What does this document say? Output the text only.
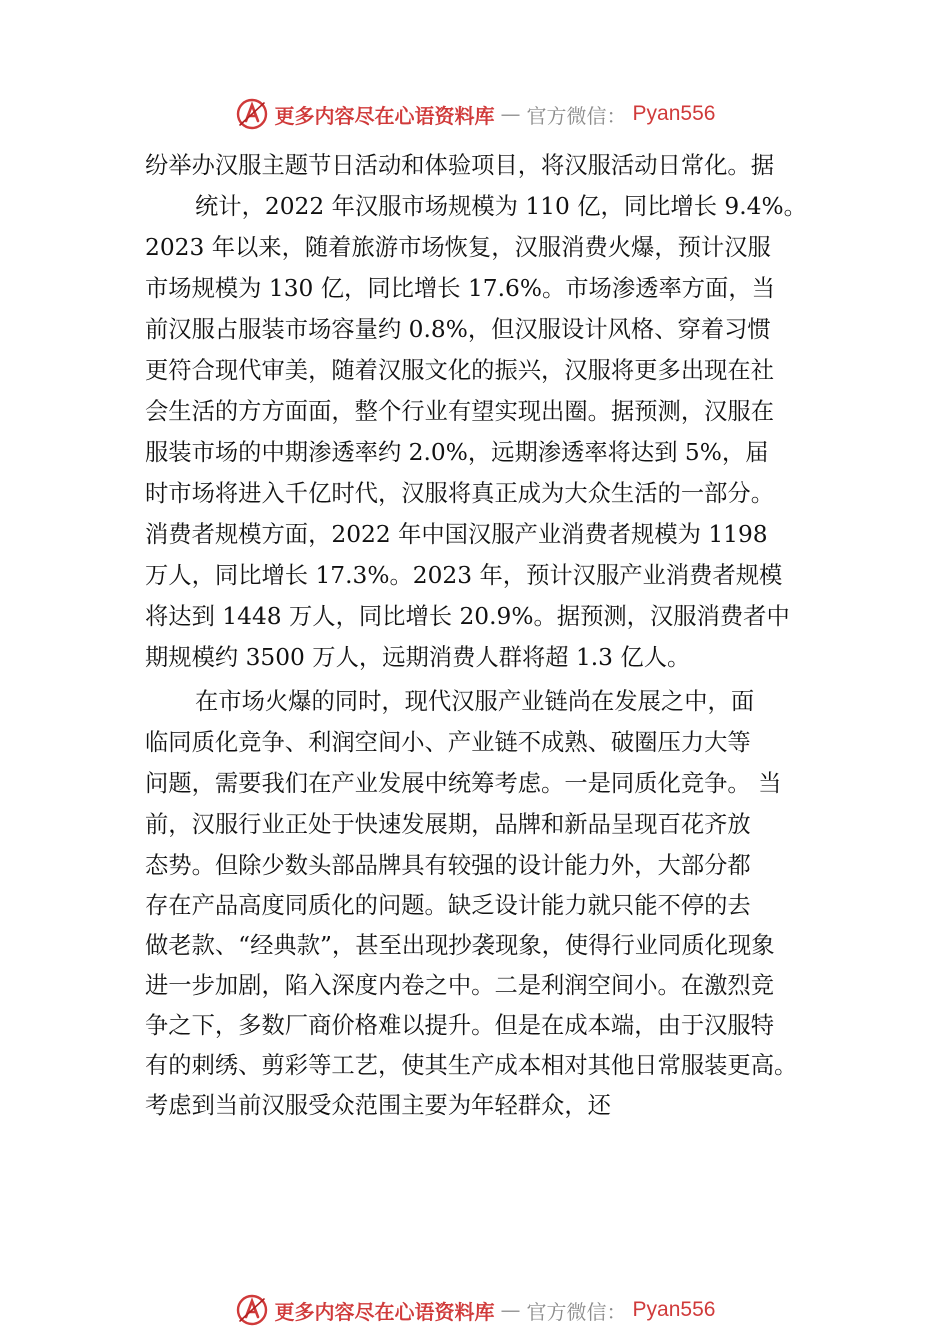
更多内容尽在心语资料库 — 官方微信： Pyan556
纷举办汉服主题节日活动和体验项目，将汉服活动日常化。据
统计，2022 年汉服市场规模为 110 亿，同比增长 9.4%。
2023 年以来，随着旅游市场恢复，汉服消费火爆，预计汉服
市场规模为 130 亿，同比增长 17.6%。市场渗透率方面，当
前汉服占服装市场容量约 0.8%，但汉服设计风格、穿着习惯
更符合现代审美，随着汉服文化的振兴，汉服将更多出现在社
会生活的方方面面，整个行业有望实现出圈。据预测，汉服在
服装市场的中期渗透率约 2.0%，远期渗透率将达到 5%，届
时市场将进入千亿时代，汉服将真正成为大众生活的一部分。
消费者规模方面，2022 年中国汉服产业消费者规模为 1198
万人，同比增长 17.3%。2023 年，预计汉服产业消费者规模
将达到 1448 万人，同比增长 20.9%。据预测，汉服消费者中
期规模约 3500 万人，远期消费人群将超 1.3 亿人。
在市场火爆的同时，现代汉服产业链尚在发展之中，面
临同质化竞争、利润空间小、产业链不成熟、破圈压力大等
问题，需要我们在产业发展中统筹考虑。一是同质化竞争。 当
前，汉服行业正处于快速发展期，品牌和新品呈现百花齐放
态势。但除少数头部品牌具有较强的设计能力外，大部分都
存在产品高度同质化的问题。缺乏设计能力就只能不停的去
做老款、“经典款”，甚至出现抄袭现象，使得行业同质化现象
进一步加剧，陷入深度内卷之中。二是利润空间小。在激烈竞
争之下，多数厂商价格难以提升。但是在成本端，由于汉服特
有的刺绣、剪彩等工艺，使其生产成本相对其他日常服装更高。
考虑到当前汉服受众范围主要为年轻群众，还
更多内容尽在心语资料库 — 官方微信： Pyan556
